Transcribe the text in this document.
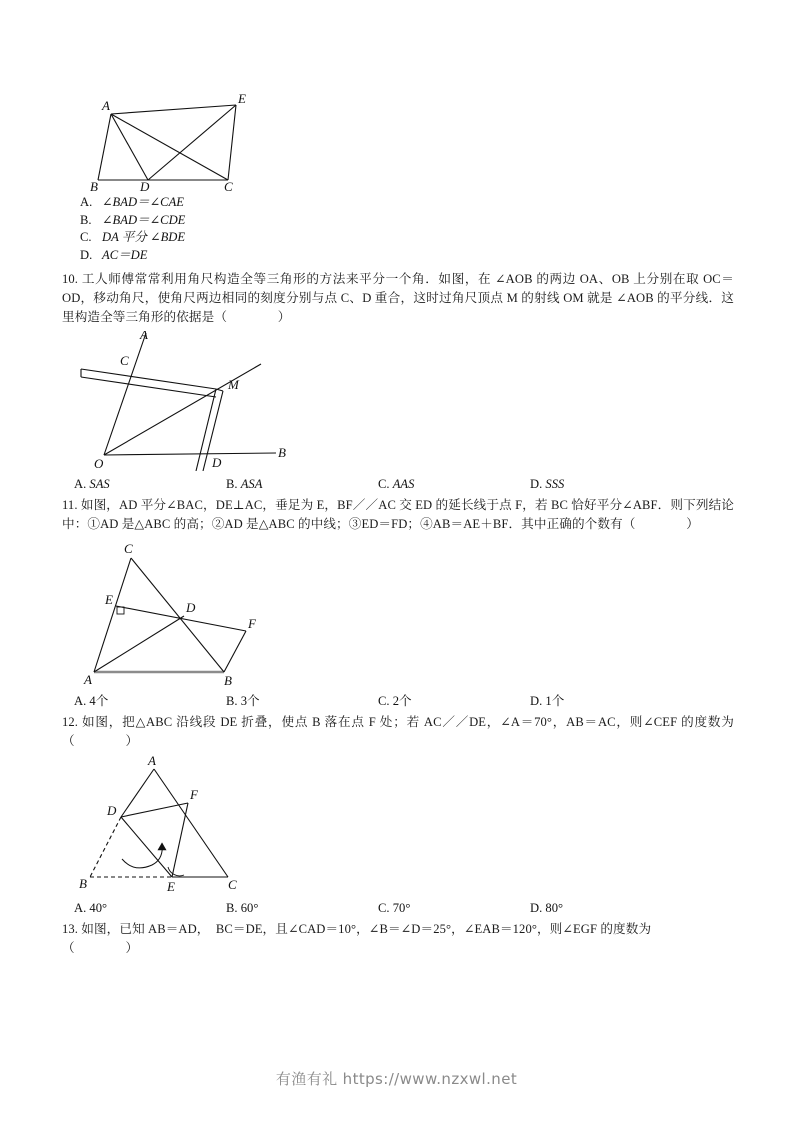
A
B	C
D
E
A. ∠BAD＝∠CAE
B. ∠BAD＝∠CDE
C. DA 平分 ∠BDE
D. AC＝DE
10. 工人师傅常常利用角尺构造全等三角形的方法来平分一个角．如图，在 ∠AOB 的两边 OA、OB 上分别在取 OC＝OD，移动角尺，使角尺两边相同的刻度分别与点 C、D 重合，这时过角尺顶点 M 的射线 OM 就是 ∠AOB 的平分线．这里构造全等三角形的依据是（　　　　）
A
B
C
D
M
O
A. SAS	B. ASA	C. AAS	D. SSS
11. 如图，AD 平分∠BAC，DE⊥AC，垂足为 E，BF／／AC 交 ED 的延长线于点 F，若 BC 恰好平分∠ABF．则下列结论中：①AD 是△ABC 的高；②AD 是△ABC 的中线；③ED＝FD；④AB＝AE＋BF．其中正确的个数有（　　　　）
C
E
D
F
A	B
A. 4个	B. 3个	C. 2个	D. 1个
12. 如图，把△ABC 沿线段 DE 折叠，使点 B 落在点 F 处；若 AC／／DE，∠A＝70°，AB＝AC，则∠CEF 的度数为（　　　　）
A
D
F
B	E	C
A. 40°	B. 60°	C. 70°	D. 80°
13. 如图，已知 AB＝AD，　BC＝DE，且∠CAD＝10°，∠B＝∠D＝25°，∠EAB＝120°，则∠EGF 的度数为
（　　　　）
有渔有礼 https://www.nzxwl.net
